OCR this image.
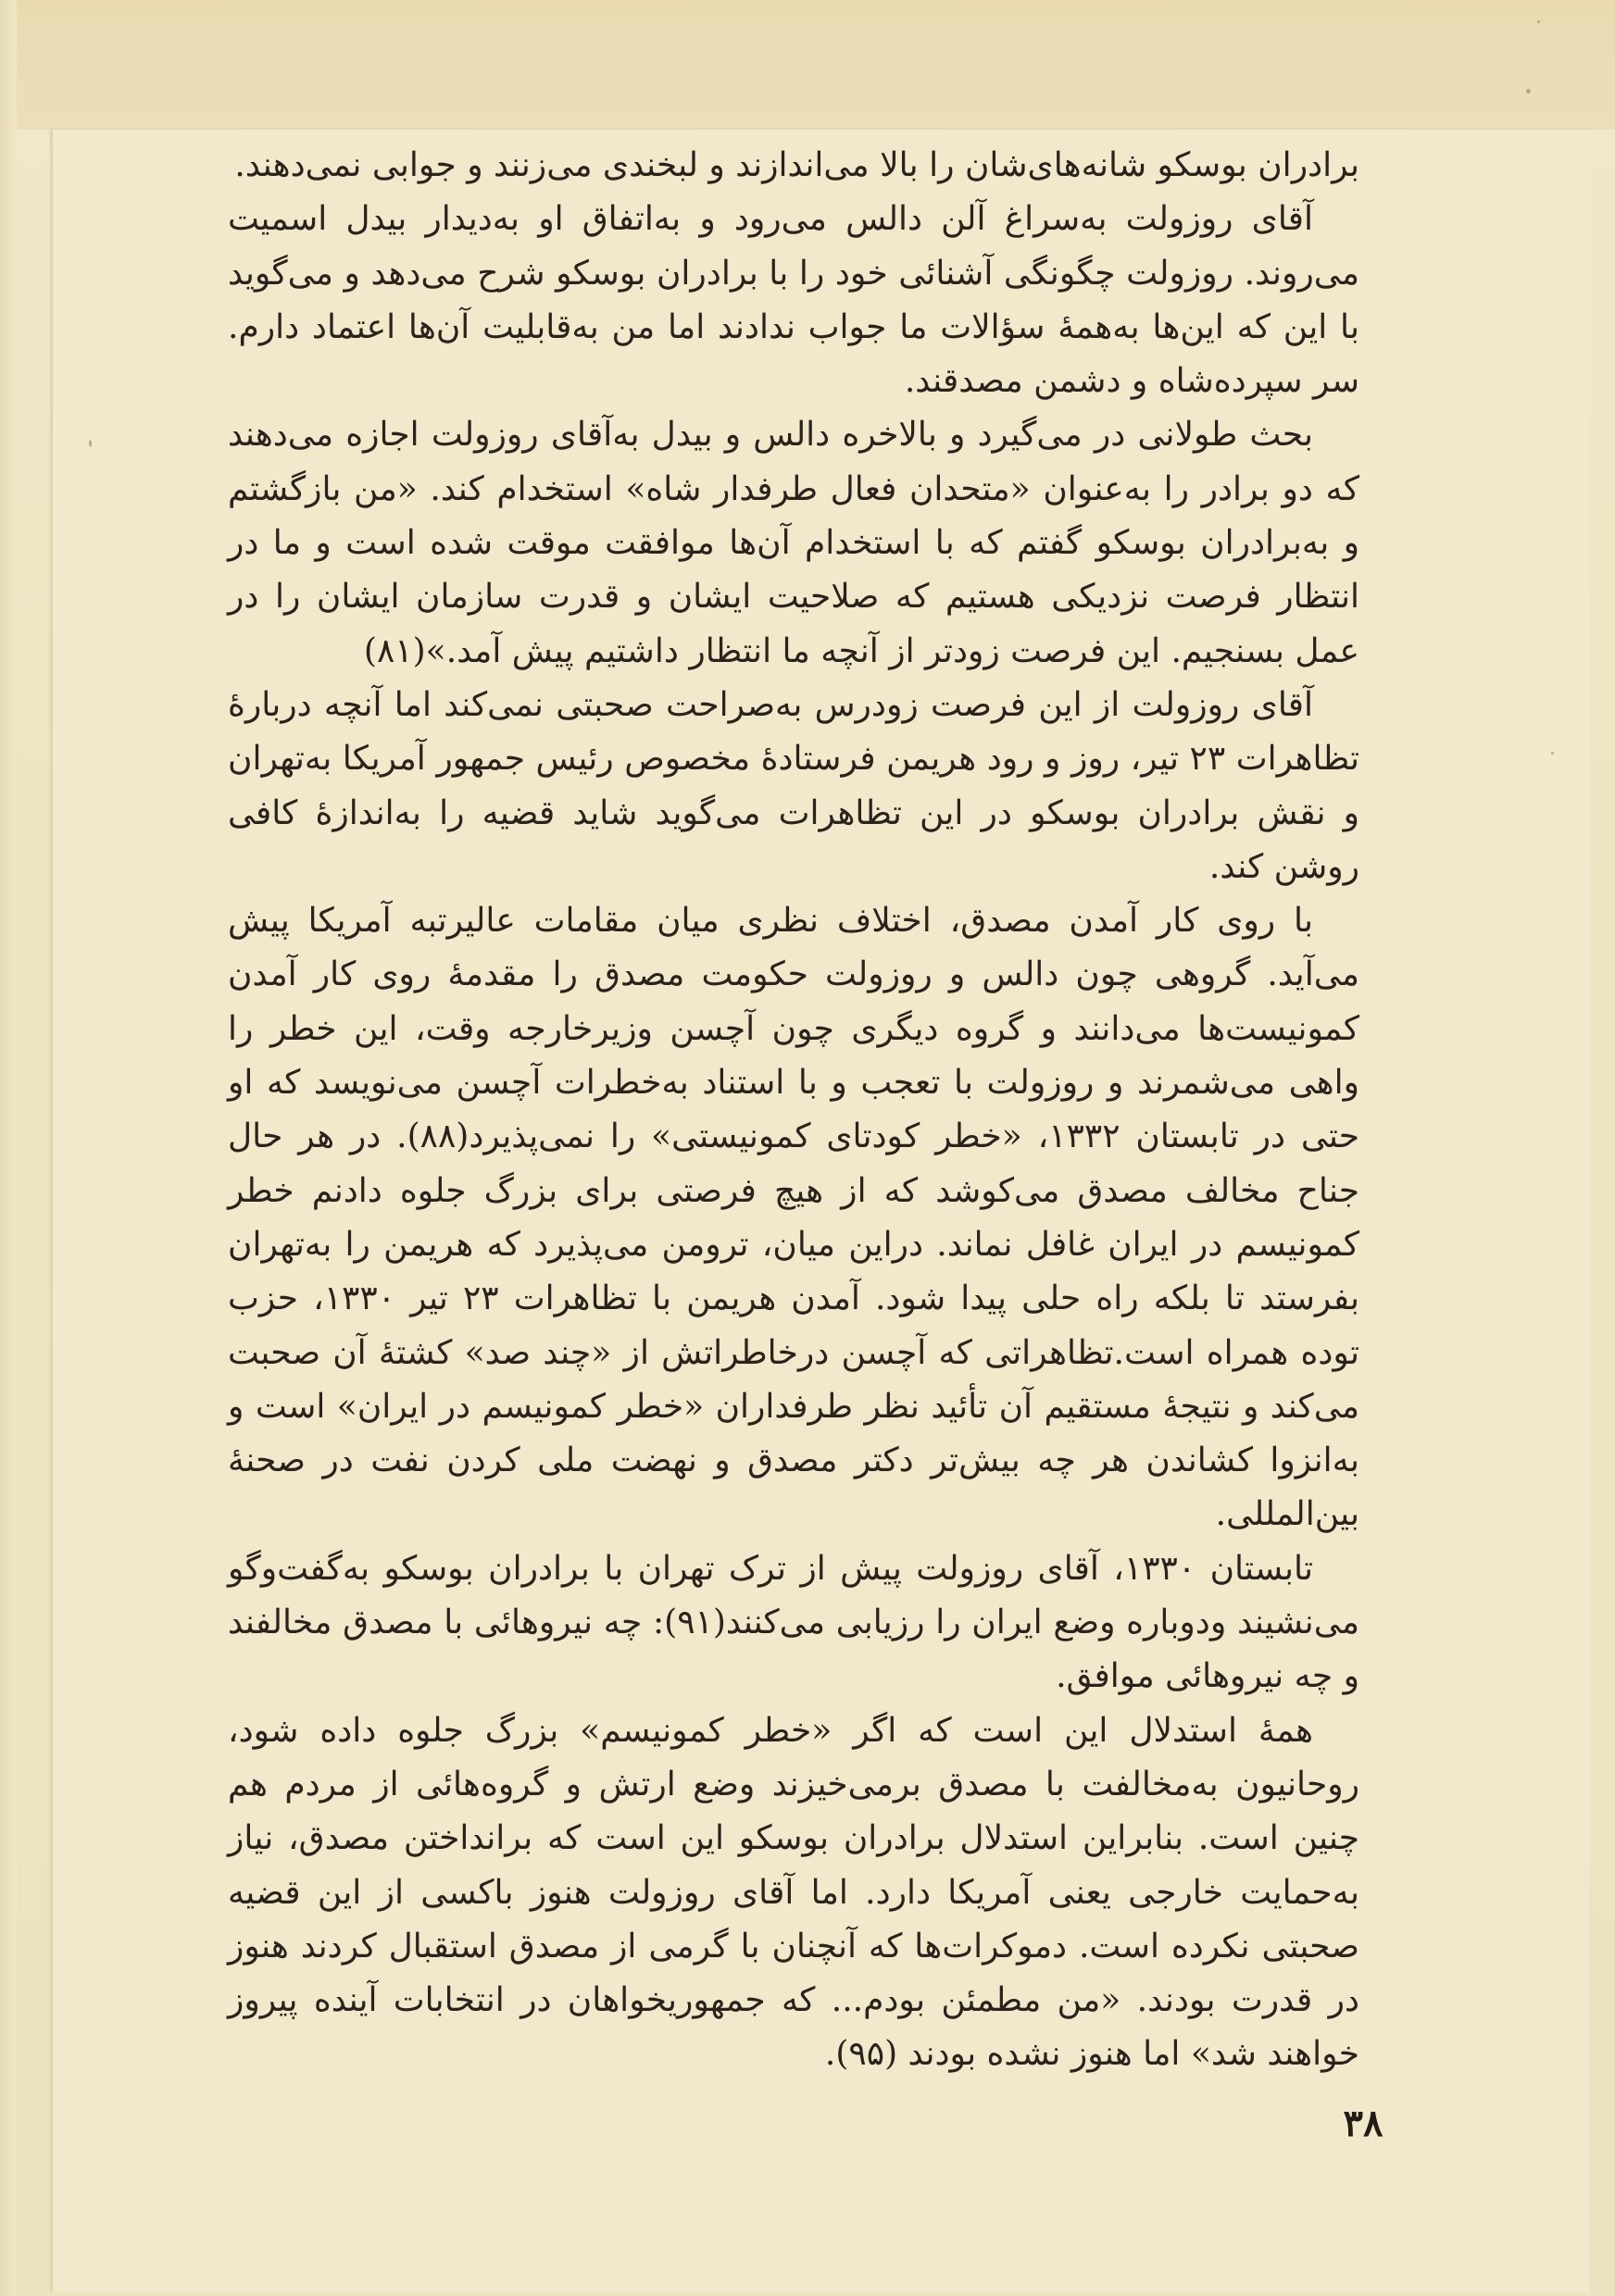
برادران بوسکو شانه‌های‌شان را بالا می‌اندازند و لبخندی می‌زنند و جوابی نمی‌دهند.

آقای روزولت به‌سراغ آلن دالس می‌رود و به‌اتفاق او به‌دیدار بیدل اسمیت می‌روند. روزولت چگونگی آشنائی خود را با برادران بوسکو شرح می‌دهد و می‌گوید با این که این‌ها به‌همهٔ سؤالات ما جواب ندادند اما من به‌قابلیت آن‌ها اعتماد دارم. سر سپرده‌شاه و دشمن مصدقند.

بحث طولانی در می‌گیرد و بالاخره دالس و بیدل به‌آقای روزولت اجازه می‌دهند که دو برادر را به‌عنوان «متحدان فعال طرفدار شاه» استخدام کند. «من بازگشتم و به‌برادران بوسکو گفتم که با استخدام آن‌ها موافقت موقت شده است و ما در انتظار فرصت نزدیکی هستیم که صلاحیت ایشان و قدرت سازمان ایشان را در عمل بسنجیم. این فرصت زودتر از آنچه ما انتظار داشتیم پیش آمد.»(۸۱)

آقای روزولت از این فرصت زودرس به‌صراحت صحبتی نمی‌کند اما آنچه دربارهٔ تظاهرات ۲۳ تیر، روز و رود هریمن فرستادهٔ مخصوص رئیس جمهور آمریکا به‌تهران و نقش برادران بوسکو در این تظاهرات می‌گوید شاید قضیه را به‌اندازهٔ کافی روشن کند.

با روی کار آمدن مصدق، اختلاف نظری میان مقامات عالیرتبه آمریکا پیش می‌آید. گروهی چون دالس و روزولت حکومت مصدق را مقدمهٔ روی کار آمدن کمونیست‌ها می‌دانند و گروه دیگری چون آچسن وزیرخارجه وقت، این خطر را واهی می‌شمرند و روزولت با تعجب و با استناد به‌خطرات آچسن می‌نویسد که او حتی در تابستان ۱۳۳۲، «خطر کودتای کمونیستی» را نمی‌پذیرد(۸۸). در هر حال جناح مخالف مصدق می‌کوشد که از هیچ فرصتی برای بزرگ جلوه دادنم خطر کمونیسم در ایران غافل نماند. دراین میان، ترومن می‌پذیرد که هریمن را به‌تهران بفرستد تا بلکه راه حلی پیدا شود. آمدن هریمن با تظاهرات ۲۳ تیر ۱۳۳۰، حزب توده همراه است.تظاهراتی که آچسن درخاطراتش از «چند صد» کشتهٔ آن صحبت می‌کند و نتیجهٔ مستقیم آن تأئید نظر طرفداران «خطر کمونیسم در ایران» است و به‌انزوا کشاندن هر چه بیش‌تر دکتر مصدق و نهضت ملی کردن نفت در صحنهٔ بین‌المللی.

تابستان ۱۳۳۰، آقای روزولت پیش از ترک تهران با برادران بوسکو به‌گفت‌وگو می‌نشیند ودوباره وضع ایران را رزیابی می‌کنند(۹۱): چه نیروهائی با مصدق مخالفند و چه نیروهائی موافق.

همهٔ استدلال این است که اگر «خطر کمونیسم» بزرگ جلوه داده شود، روحانیون به‌مخالفت با مصدق برمی‌خیزند وضع ارتش و گروه‌هائی از مردم هم چنین است. بنابراین استدلال برادران بوسکو این است که برانداختن مصدق، نیاز به‌حمایت خارجی یعنی آمریکا دارد. اما آقای روزولت هنوز باکسی از این قضیه صحبتی نکرده است. دموکرات‌ها که آنچنان با گرمی از مصدق استقبال کردند هنوز در قدرت بودند. «من مطمئن بودم... که جمهوریخواهان در انتخابات آینده پیروز خواهند شد» اما هنوز نشده بودند (۹۵).

۳۸
